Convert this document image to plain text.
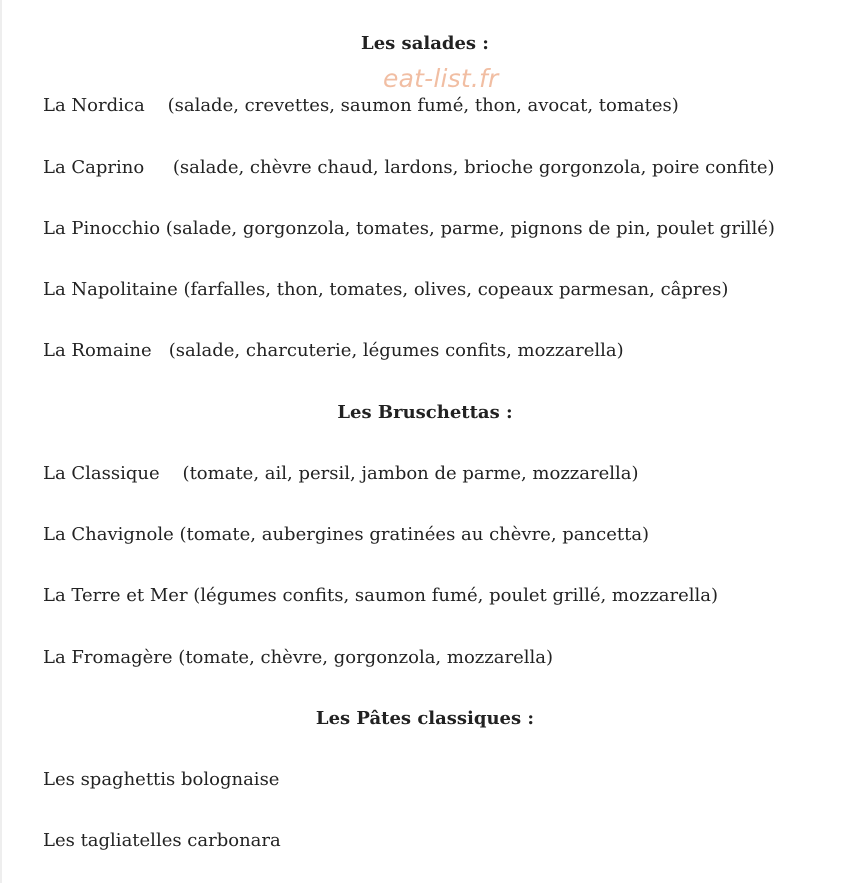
eat-list.fr
Les salades :
La Nordica    (salade, crevettes, saumon fumé, thon, avocat, tomates)
La Caprino     (salade, chèvre chaud, lardons, brioche gorgonzola, poire confite)
La Pinocchio (salade, gorgonzola, tomates, parme, pignons de pin, poulet grillé)
La Napolitaine (farfalles, thon, tomates, olives, copeaux parmesan, câpres)
La Romaine   (salade, charcuterie, légumes confits, mozzarella)
Les Bruschettas :
La Classique    (tomate, ail, persil, jambon de parme, mozzarella)
La Chavignole (tomate, aubergines gratinées au chèvre, pancetta)
La Terre et Mer (légumes confits, saumon fumé, poulet grillé, mozzarella)
La Fromagère (tomate, chèvre, gorgonzola, mozzarella)
Les Pâtes classiques :
Les spaghettis bolognaise
Les tagliatelles carbonara
